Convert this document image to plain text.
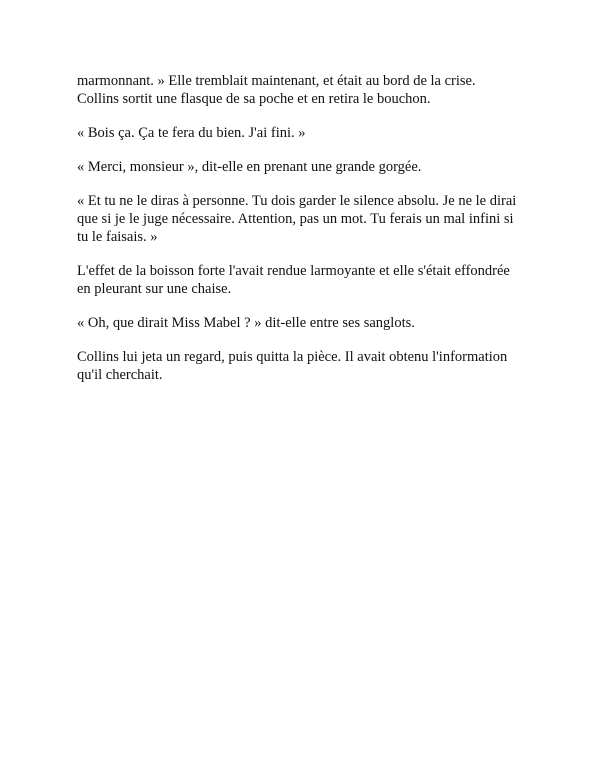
marmonnant. » Elle tremblait maintenant, et était au bord de la crise.
Collins sortit une flasque de sa poche et en retira le bouchon.

« Bois ça. Ça te fera du bien. J'ai fini. »

« Merci, monsieur », dit-elle en prenant une grande gorgée.

« Et tu ne le diras à personne. Tu dois garder le silence absolu. Je ne le dirai
que si je le juge nécessaire. Attention, pas un mot. Tu ferais un mal infini si
tu le faisais. »

L'effet de la boisson forte l'avait rendue larmoyante et elle s'était effondrée
en pleurant sur une chaise.

« Oh, que dirait Miss Mabel ? » dit-elle entre ses sanglots.

Collins lui jeta un regard, puis quitta la pièce. Il avait obtenu l'information
qu'il cherchait.
